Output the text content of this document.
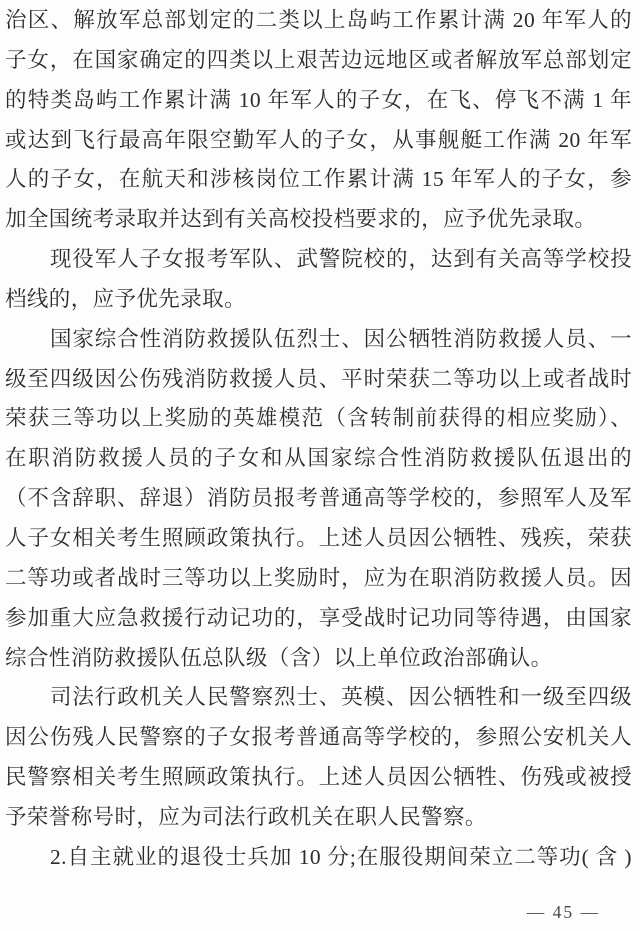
治区、解放军总部划定的二类以上岛屿工作累计满 20 年军人的
子女，在国家确定的四类以上艰苦边远地区或者解放军总部划定
的特类岛屿工作累计满 10 年军人的子女，在飞、停飞不满 1 年
或达到飞行最高年限空勤军人的子女，从事舰艇工作满 20 年军
人的子女，在航天和涉核岗位工作累计满 15 年军人的子女，参
加全国统考录取并达到有关高校投档要求的，应予优先录取。
现役军人子女报考军队、武警院校的，达到有关高等学校投
档线的，应予优先录取。
国家综合性消防救援队伍烈士、因公牺牲消防救援人员、一
级至四级因公伤残消防救援人员、平时荣获二等功以上或者战时
荣获三等功以上奖励的英雄模范（含转制前获得的相应奖励）、
在职消防救援人员的子女和从国家综合性消防救援队伍退出的
（不含辞职、辞退）消防员报考普通高等学校的，参照军人及军
人子女相关考生照顾政策执行。上述人员因公牺牲、残疾，荣获
二等功或者战时三等功以上奖励时，应为在职消防救援人员。因
参加重大应急救援行动记功的，享受战时记功同等待遇，由国家
综合性消防救援队伍总队级（含）以上单位政治部确认。
司法行政机关人民警察烈士、英模、因公牺牲和一级至四级
因公伤残人民警察的子女报考普通高等学校的，参照公安机关人
民警察相关考生照顾政策执行。上述人员因公牺牲、伤残或被授
予荣誉称号时，应为司法行政机关在职人民警察。
2.自主就业的退役士兵加 10 分;在服役期间荣立二等功( 含 )
— 45 —
